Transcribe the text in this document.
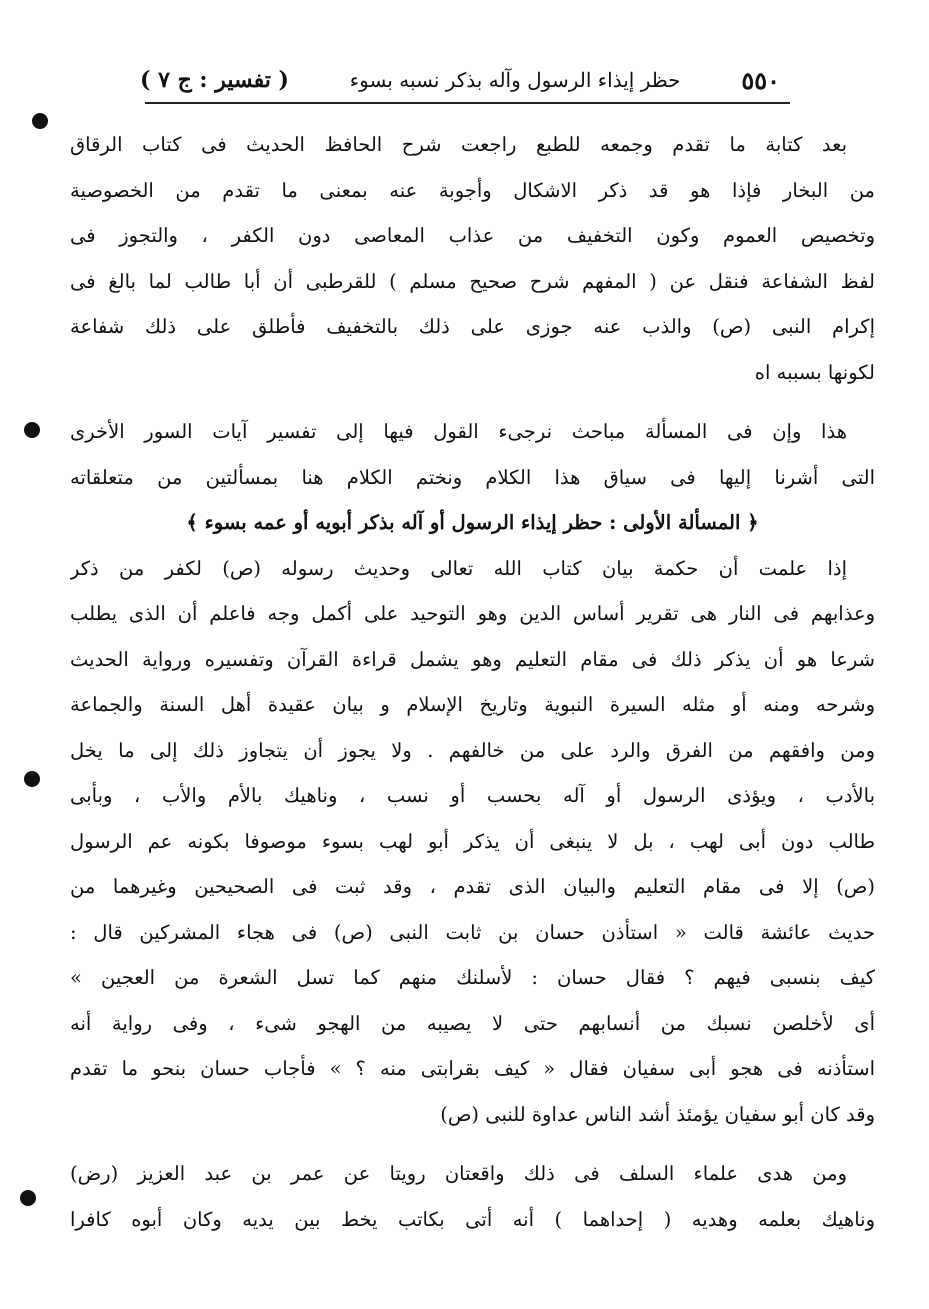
٥٥٠
حظر إيذاء الرسول وآله بذكر نسبه بسوء
( تفسير : ج ٧ )
بعد كتابة ما تقدم وجمعه للطبع راجعت شرح الحافظ الحديث فى كتاب الرقاق
من البخار فإذا هو قد ذكر الاشكال وأجوبة عنه بمعنى ما تقدم من الخصوصية
وتخصيص العموم وكون التخفيف من عذاب المعاصى دون الكفر ، والتجوز فى
لفظ الشفاعة فنقل عن ( المفهم شرح صحيح مسلم ) للقرطبى أن أبا طالب لما بالغ فى
إكرام النبى (ص) والذب عنه جوزى على ذلك بالتخفيف فأطلق على ذلك شفاعة
لكونها بسببه اه
هذا وإن فى المسألة مباحث نرجىء القول فيها إلى تفسير آيات السور الأخرى
التى أشرنا إليها فى سياق هذا الكلام ونختم الكلام هنا بمسألتين من متعلقاته
﴿ المسألة الأولى : حظر إيذاء الرسول أو آله بذكر أبويه أو عمه بسوء ﴾
إذا علمت أن حكمة بيان كتاب الله تعالى وحديث رسوله (ص) لكفر من ذكر
وعذابهم فى النار هى تقرير أساس الدين وهو التوحيد على أكمل وجه فاعلم أن الذى يطلب
شرعا هو أن يذكر ذلك فى مقام التعليم وهو يشمل قراءة القرآن وتفسيره ورواية الحديث
وشرحه ومنه أو مثله السيرة النبوية وتاريخ الإسلام و بيان عقيدة أهل السنة والجماعة
ومن وافقهم من الفرق والرد على من خالفهم . ولا يجوز أن يتجاوز ذلك إلى ما يخل
بالأدب ، ويؤذى الرسول أو آله بحسب أو نسب ، وناهيك بالأم والأب ، وبأبى
طالب دون أبى لهب ، بل لا ينبغى أن يذكر أبو لهب بسوء موصوفا بكونه عم الرسول
(ص) إلا فى مقام التعليم والبيان الذى تقدم ، وقد ثبت فى الصحيحين وغيرهما من
حديث عائشة قالت « استأذن حسان بن ثابت النبى (ص) فى هجاء المشركين قال :
كيف بنسبى فيهم ؟ فقال حسان : لأسلنك منهم كما تسل الشعرة من العجين »
أى لأخلصن نسبك من أنسابهم حتى لا يصيبه من الهجو شىء ، وفى رواية أنه
استأذنه فى هجو أبى سفيان فقال « كيف بقرابتى منه ؟ » فأجاب حسان بنحو ما تقدم
وقد كان أبو سفيان يؤمئذ أشد الناس عداوة للنبى (ص)
ومن هدى علماء السلف فى ذلك واقعتان رويتا عن عمر بن عبد العزيز (رض)
وناهيك بعلمه وهديه ( إحداهما ) أنه أتى بكاتب يخط بين يديه وكان أبوه كافرا
